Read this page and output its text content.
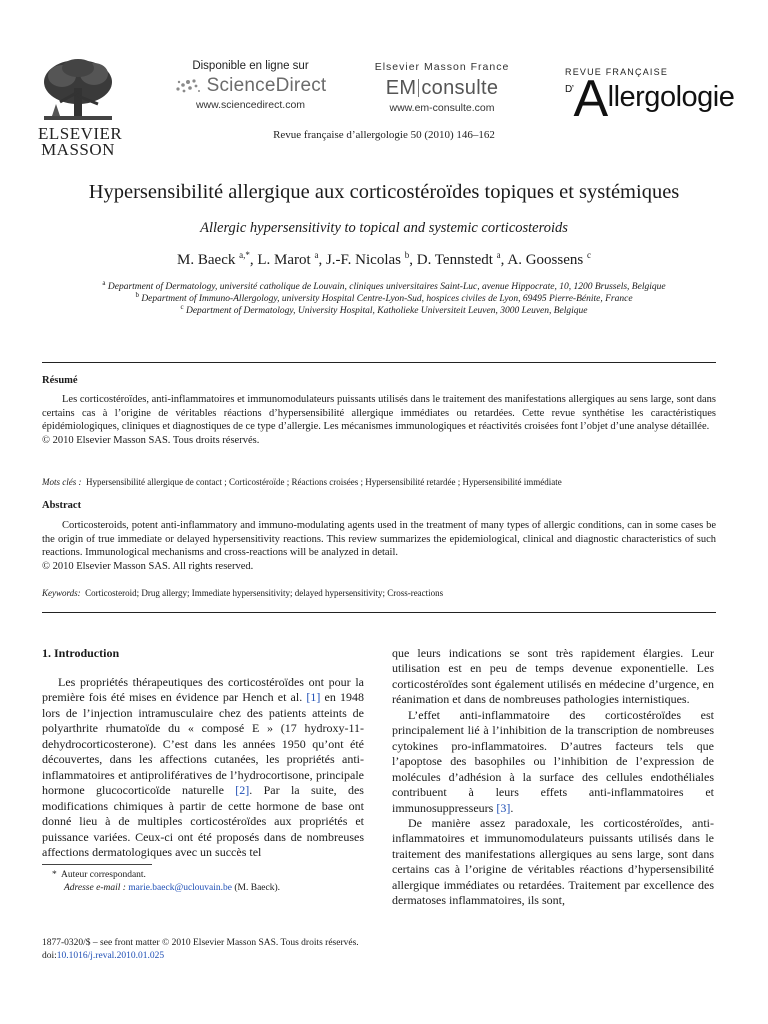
ELSEVIER
MASSON
Disponible en ligne sur
ScienceDirect
www.sciencedirect.com
Elsevier Masson France
EM consulte
www.em-consulte.com
REVUE FRANÇAISE
$^{D’}$Allergologie
Revue française d’allergologie 50 (2010) 146–162
Hypersensibilité allergique aux corticostéroïdes topiques et systémiques
Allergic hypersensitivity to topical and systemic corticosteroids
M. Baeck $^{a,*}$, L. Marot $^a$, J.-F. Nicolas $^b$, D. Tennstedt $^a$, A. Goossens $^c$
$^a$ Department of Dermatology, université catholique de Louvain, cliniques universitaires Saint-Luc, avenue Hippocrate, 10, 1200 Brussels, Belgique
$^b$ Department of Immuno-Allergology, university Hospital Centre-Lyon-Sud, hospices civiles de Lyon, 69495 Pierre-Bénite, France
$^c$ Department of Dermatology, University Hospital, Katholieke Universiteit Leuven, 3000 Leuven, Belgique
Résumé

Les corticostéroïdes, anti-inflammatoires et immunomodulateurs puissants utilisés dans le traitement des manifestations allergiques au sens large, sont dans certains cas à l’origine de véritables réactions d’hypersensibilité allergique immédiates ou retardées. Cette revue synthétise les caractéristiques épidémiologiques, cliniques et diagnostiques de ce type d’allergie. Les mécanismes immunologiques et réactivités croisées font l’objet d’une analyse détaillée.

© 2010 Elsevier Masson SAS. Tous droits réservés.

Mots clés : Hypersensibilité allergique de contact ; Corticostéroïde ; Réactions croisées ; Hypersensibilité retardée ; Hypersensibilité immédiate
Abstract

Corticosteroids, potent anti-inflammatory and immuno-modulating agents used in the treatment of many types of allergic conditions, can in some cases be the origin of true immediate or delayed hypersensitivity reactions. This review summarizes the epidemiological, clinical and diagnostic characteristics of such reactions. Immunological mechanisms and cross-reactions will be analyzed in detail.

© 2010 Elsevier Masson SAS. All rights reserved.

Keywords: Corticosteroid; Drug allergy; Immediate hypersensitivity; delayed hypersensitivity; Cross-reactions
1. Introduction

Les propriétés thérapeutiques des corticostéroïdes ont pour la première fois été mises en évidence par Hench et al. [1] en 1948 lors de l’injection intramusculaire chez des patients atteints de polyarthrite rhumatoïde du « composé E » (17 hydroxy-11-dehydrocorticosterone). C’est dans les années 1950 qu’ont été découvertes, dans les affections cutanées, les propriétés anti-inflammatoires et antiprolifératives de l’hydrocortisone, principale hormone glucocorticoïde naturelle [2]. Par la suite, des modifications chimiques à partir de cette hormone de base ont donné lieu à de multiples corticostéroïdes aux propriétés et puissance variées. Ceux-ci ont été proposés dans de nombreuses affections dermatologiques avec un succès tel

que leurs indications se sont très rapidement élargies. Leur utilisation est en peu de temps devenue exponentielle. Les corticostéroïdes sont également utilisés en médecine d’urgence, en réanimation et dans de nombreuses pathologies internistiques.

L’effet anti-inflammatoire des corticostéroïdes est principalement lié à l’inhibition de la transcription de nombreuses cytokines pro-inflammatoires. D’autres facteurs tels que l’apoptose des basophiles ou l’inhibition de l’expression de molécules d’adhésion à la surface des cellules endothéliales contribuent à leurs effets anti-inflammatoires et immunosuppresseurs [3].

De manière assez paradoxale, les corticostéroïdes, anti-inflammatoires et immunomodulateurs puissants utilisés dans le traitement des manifestations allergiques au sens large, sont dans certains cas à l’origine de véritables réactions d’hypersensibilité allergique immédiates ou retardées. Traitement par excellence des dermatoses inflammatoires, ils sont,

* Auteur correspondant.
Adresse e-mail : marie.baeck@uclouvain.be (M. Baeck).
1877-0320/$ – see front matter © 2010 Elsevier Masson SAS. Tous droits réservés.
doi:10.1016/j.reval.2010.01.025
